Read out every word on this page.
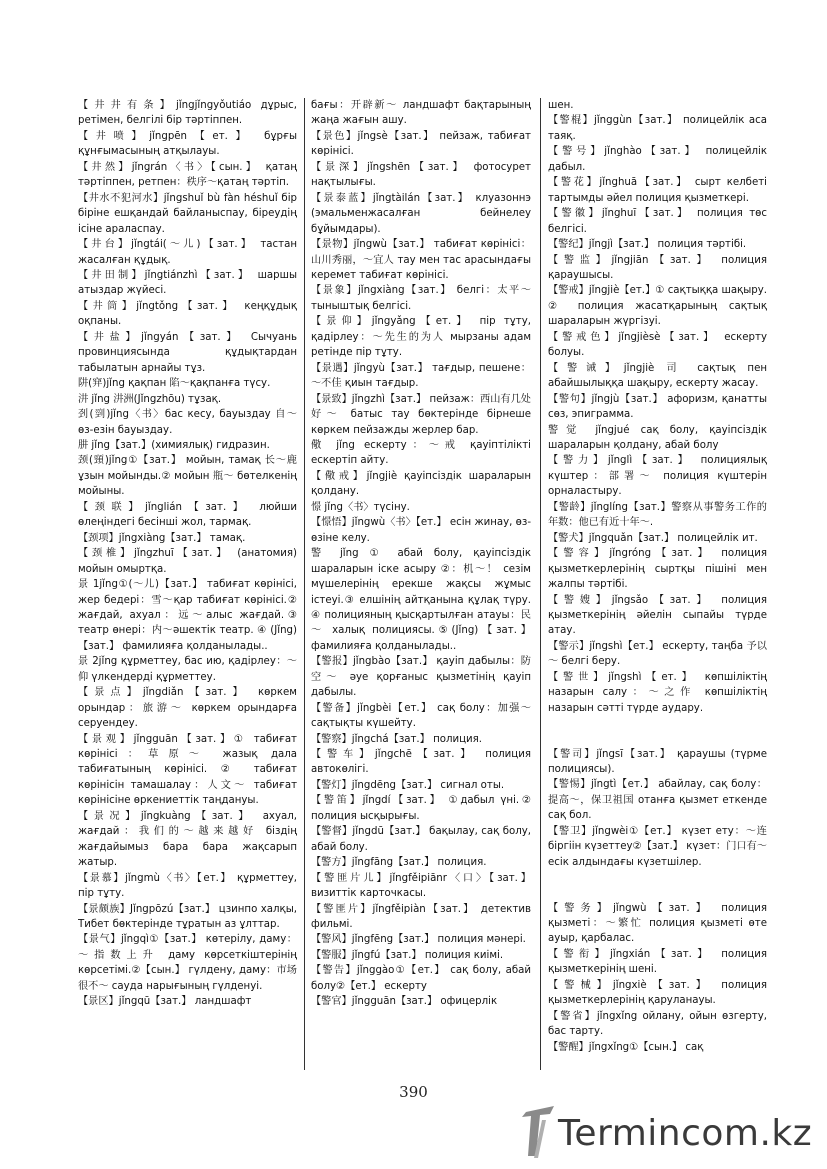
【井井有条】jǐngjǐngyǒutiáo дұрыс, ретімен, белгілі бір тәртіппен.

【井喷】jǐngpēn【ет.】 бұрғы құнғымасының атқылауы.

【井然】jǐngrán〈书〉【сын.】 қатаң тәртіппен, ретпен：秩序～қатаң тәртіп.

【井水不犯河水】jǐngshuǐ bù fàn héshuǐ бір біріне ешқандай байланыспау, біреудің ісіне араласпау.

【井台】jǐngtái(～儿)【зат.】 тастан жасалған құдық.

【井田制】jǐngtiánzhì【зат.】 шаршы атыздар жүйесі.

【井筒】jǐngtǒng【зат.】 кеңқұдық оқпаны.

【井盐】jǐngyán【зат.】 Сычуань провинциясында құдықтардан табылатын арнайы тұз.

阱(穽)jǐng қақпан 陷～қақпанға түсу.

汫 jǐng 汫洲(Jǐngzhōu) тұзақ.

刭(剄)jǐng〈书〉бас кесу, бауыздау 自～өз-езін бауыздау.

肼 jǐng【зат.】(химиялық) гидразин.

颈(頸)jǐng①【зат.】 мойын, тамақ 长～鹿 ұзын мойынды.② мойын 瓶～ бөтелкенің мойыны.

【颈联】jǐnglián【зат.】 люйши өлеңіндегі бесінші жол, тармақ.

【颈项】jǐngxiàng【зат.】 тамақ.

【颈椎】jǐngzhuī【зат.】 (анатомия) мойын омыртқа.

景 1jǐng①(～儿)【зат.】 табиғат көрінісі, жер бедері：雪～қар табиғат көрінісі.② жағдай, ахуал：远～алыс жағдай.③ театр өнері：内～әшектік театр. ④ (Jǐng)【зат.】 фамилияға қолданылады..

景 2jǐng құрметтеу, бас ию, қадірлеу：～仰 үлкендерді құрметтеу.

【景点】jǐngdiǎn【зат.】 көркем орындар：旅游～ көркем орындарға серуендеу.

【景观】jǐngguān【зат.】① табиғат көрінісі：草原～ жазық дала табиғатының көрінісі. ② табиғат көрінісін тамашалау：人文～ табиғат көрінісіне өркениеттік таңдануы.

【景况】jǐngkuàng【зат.】 ахуал, жағдай：我们的～越来越好 біздің жағдайымыз бара бара жақсарып жатыр.

【景慕】jǐngmù〈书〉【ет.】 құрметтеу, пір тұту.

【景颇族】Jǐngpōzú【зат.】 цзинпо халқы, Тибет бөктерінде тұратын аз ұлттар.

【景气】jǐngqì①【зат.】 көтерілу, даму：～指数上升 даму көрсеткіштерінің көрсетімі.②【сын.】 гүлдену, даму：市场很不～ сауда нарығының гүлденуі.

【景区】jǐngqū【зат.】 ландшафт

бағы：开辟新～ ландшафт бақтарының жаңа жағын ашу.

【景色】jǐngsè【зат.】 пейзаж, табиғат көрінісі.

【景深】jǐngshēn【зат.】 фотосурет нақтылығы.

【景泰蓝】jǐngtàilán【зат.】 клуазоннэ (эмальменжасалған бейнелеу бұйымдары).

【景物】jǐngwù【зат.】 табиғат көрінісі：山川秀丽，～宜人 тау мен тас арасындағы керемет табиғат көрінісі.

【景象】jǐngxiàng【зат.】 белгі：太平～тыныштық белгісі.

【景仰】jǐngyǎng【ет.】 пір тұту, қадірлеу：～先生的为人 мырзаны адам ретінде пір тұту.

【景遇】jǐngyù【зат.】 тағдыр, пешене：～不佳 қиын тағдыр.

【景致】jǐngzhì【зат.】 пейзаж：西山有几处好～ батыс тау бөктерінде бірнеше көркем пейзажды жерлер бар.

儆 jǐng ескерту：～戒 қауіптілікті ескертіп айту.

【儆戒】jǐngjiè қауіпсіздік шараларын қолдану.

憬 jǐng〈书〉түсіну.

【憬悟】jǐngwù〈书〉【ет.】 есін жинау, өз-өзіне келу.

警 jǐng ① абай болу, қауіпсіздік шараларын іске асыру ②：机～！ сезім мүшелерінің ерекше жақсы жұмыс істеуі.③ елшінің айтқанына құлақ түру. ④ полицияның қысқартылған атауы：民～ халық полициясы.⑤(Jǐng)【зат.】 фамилияға қолданылады..

【警报】jǐngbào【зат.】 қауіп дабылы：防空～ әуе қорғаныс қызметінің қауіп дабылы.

【警备】jǐngbèi【ет.】 сақ болу：加强～сақтықты күшейту.

【警察】jǐngchá【зат.】 полиция.

【警车】jǐngchē【зат.】 полиция автокөлігі.

【警灯】jǐngdēng【зат.】 сигнал оты.

【警笛】jǐngdí【зат.】 ①дабыл үні.② полиция ысқырығы.

【警督】jǐngdū【зат.】 бақылау, сақ болу, абай болу.

【警方】jǐngfāng【зат.】 полиция.

【警匪片儿】jǐngfěipiānr〈口〉【зат.】 визиттік карточкасы.

【警匪片】jǐngfěipiàn【зат.】 детектив фильмі.

【警风】jǐngfēng【зат.】 полиция мәнері.

【警服】jǐngfú【зат.】 полиция киімі.

【警告】jǐnggào①【ет.】 сақ болу, абай болу②【ет.】 ескерту

【警官】jǐngguān【зат.】 офицерлік

шен.

【警棍】jǐnggùn【зат.】 полицейлік аса таяқ.

【警号】jǐnghào【зат.】 полицейлік дабыл.

【警花】jǐnghuā【зат.】 сырт келбеті тартымды әйел полиция қызметкері.

【警徽】jǐnghuī【зат.】 полиция төс белгісі.

【警纪】jǐngjì【зат.】 полиция тәртібі.

【警监】jǐngjiān【зат.】 полиция қараушысы.

【警戒】jǐngjiè【ет.】① сақтыққа шақыру. ② полиция жасатқарының сақтық шараларын жүргізуі.

【警戒色】jǐngjièsè【зат.】 ескерту болуы.

【警诫】jǐngjiè 司 сақтық пен абайшылыққа шақыру, ескерту жасау.

【警句】jǐngjù【зат.】 афоризм, қанатты сөз, эпиграмма.

警觉 jǐngjué сақ болу, қауіпсіздік шараларын қолдану, абай болу

【警力】jǐnglì【зат.】 полициялық күштер：部署～ полиция күштерін орналастыру.

【警龄】jǐnglíng【зат.】警察从事警务工作的年数：他已有近十年～.

【警犬】jǐngquǎn【зат.】 полицейлік ит.

【警容】jǐngróng【зат.】 полиция қызметкерлерінің сыртқы пішіні мен жалпы тәртібі.

【警嫂】jǐngsǎo【зат.】 полиция қызметкерінің әйелін сыпайы түрде атау.

【警示】jǐngshì【ет.】 ескерту, таңба 予以～ белгі беру.

【警世】jǐngshì【ет.】 көпшіліктің назарын салу：～之作 көпшіліктің назарын сәтті түрде аудару.

【警司】jǐngsī【зат.】 қараушы (түрме полициясы).

【警惕】jǐngtì【ет.】 абайлау, сақ болу：提高～，保卫祖国 отанға қызмет еткенде сақ бол.

【警卫】jǐngwèi①【ет.】 күзет ету：～连 біргіін күзеттеу②【зат.】 күзет：门口有～ есік алдындағы күзетшілер.

【警务】jǐngwù【зат.】 полиция қызметі：～繁忙 полиция қызметі өте ауыр, қарбалас.

【警衔】jǐngxián【зат.】 полиция қызметкерінің шені.

【警械】jǐngxiè【зат.】 полиция қызметкерлерінің қаруланауы.

【警省】jǐngxǐng ойлану, ойын өзгерту, бас тарту.

【警醒】jǐngxǐng①【сын.】 сақ

390
Termincom.kz
